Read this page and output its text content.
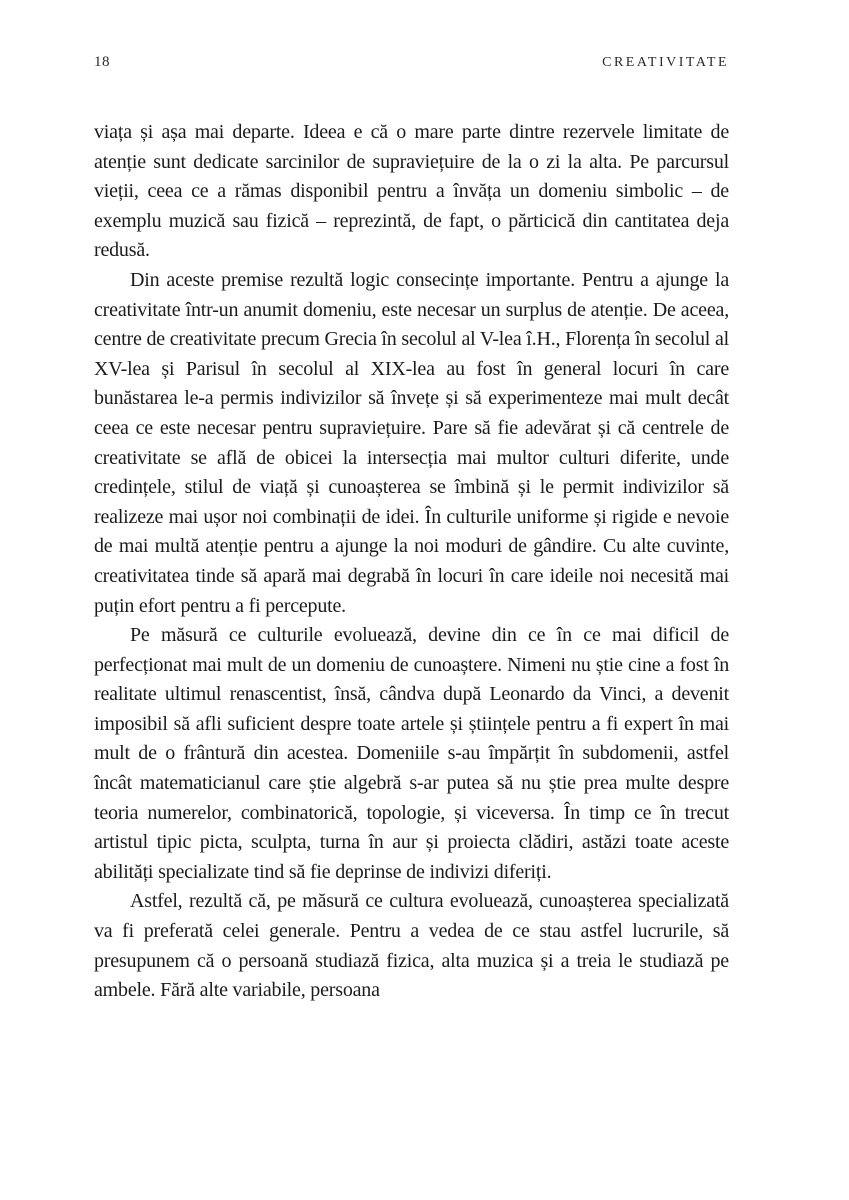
18	CREATIVITATE

viața și așa mai departe. Ideea e că o mare parte dintre rezervele limitate de atenție sunt dedicate sarcinilor de supraviețuire de la o zi la alta. Pe parcursul vieții, ceea ce a rămas disponibil pentru a învăța un domeniu simbolic – de exemplu muzică sau fizică – reprezintă, de fapt, o părticică din cantitatea deja redusă.

Din aceste premise rezultă logic consecințe importante. Pentru a ajunge la creativitate într-un anumit domeniu, este necesar un surplus de atenție. De aceea, centre de creativitate precum Grecia în secolul al V-lea î.H., Florența în secolul al XV-lea și Parisul în secolul al XIX-lea au fost în general locuri în care bunăstarea le-a permis indivizilor să învețe și să experimenteze mai mult decât ceea ce este necesar pentru supraviețuire. Pare să fie adevărat și că centrele de creativitate se află de obicei la intersecția mai multor culturi diferite, unde credințele, stilul de viață și cunoașterea se îmbină și le permit indivizilor să realizeze mai ușor noi combinații de idei. În culturile uniforme și rigide e nevoie de mai multă atenție pentru a ajunge la noi moduri de gândire. Cu alte cuvinte, creativitatea tinde să apară mai degrabă în locuri în care ideile noi necesită mai puțin efort pentru a fi percepute.

Pe măsură ce culturile evoluează, devine din ce în ce mai dificil de perfecționat mai mult de un domeniu de cunoaștere. Nimeni nu știe cine a fost în realitate ultimul renascentist, însă, cândva după Leonardo da Vinci, a devenit imposibil să afli suficient despre toate artele și științele pentru a fi expert în mai mult de o frântură din acestea. Domeniile s-au împărțit în subdomenii, astfel încât matematicianul care știe algebră s-ar putea să nu știe prea multe despre teoria numerelor, combinatorică, topologie, și viceversa. În timp ce în trecut artistul tipic picta, sculpta, turna în aur și proiecta clădiri, astăzi toate aceste abilități specializate tind să fie deprinse de indivizi diferiți.

Astfel, rezultă că, pe măsură ce cultura evoluează, cunoașterea specializată va fi preferată celei generale. Pentru a vedea de ce stau astfel lucrurile, să presupunem că o persoană studiază fizica, alta muzica și a treia le studiază pe ambele. Fără alte variabile, persoana
